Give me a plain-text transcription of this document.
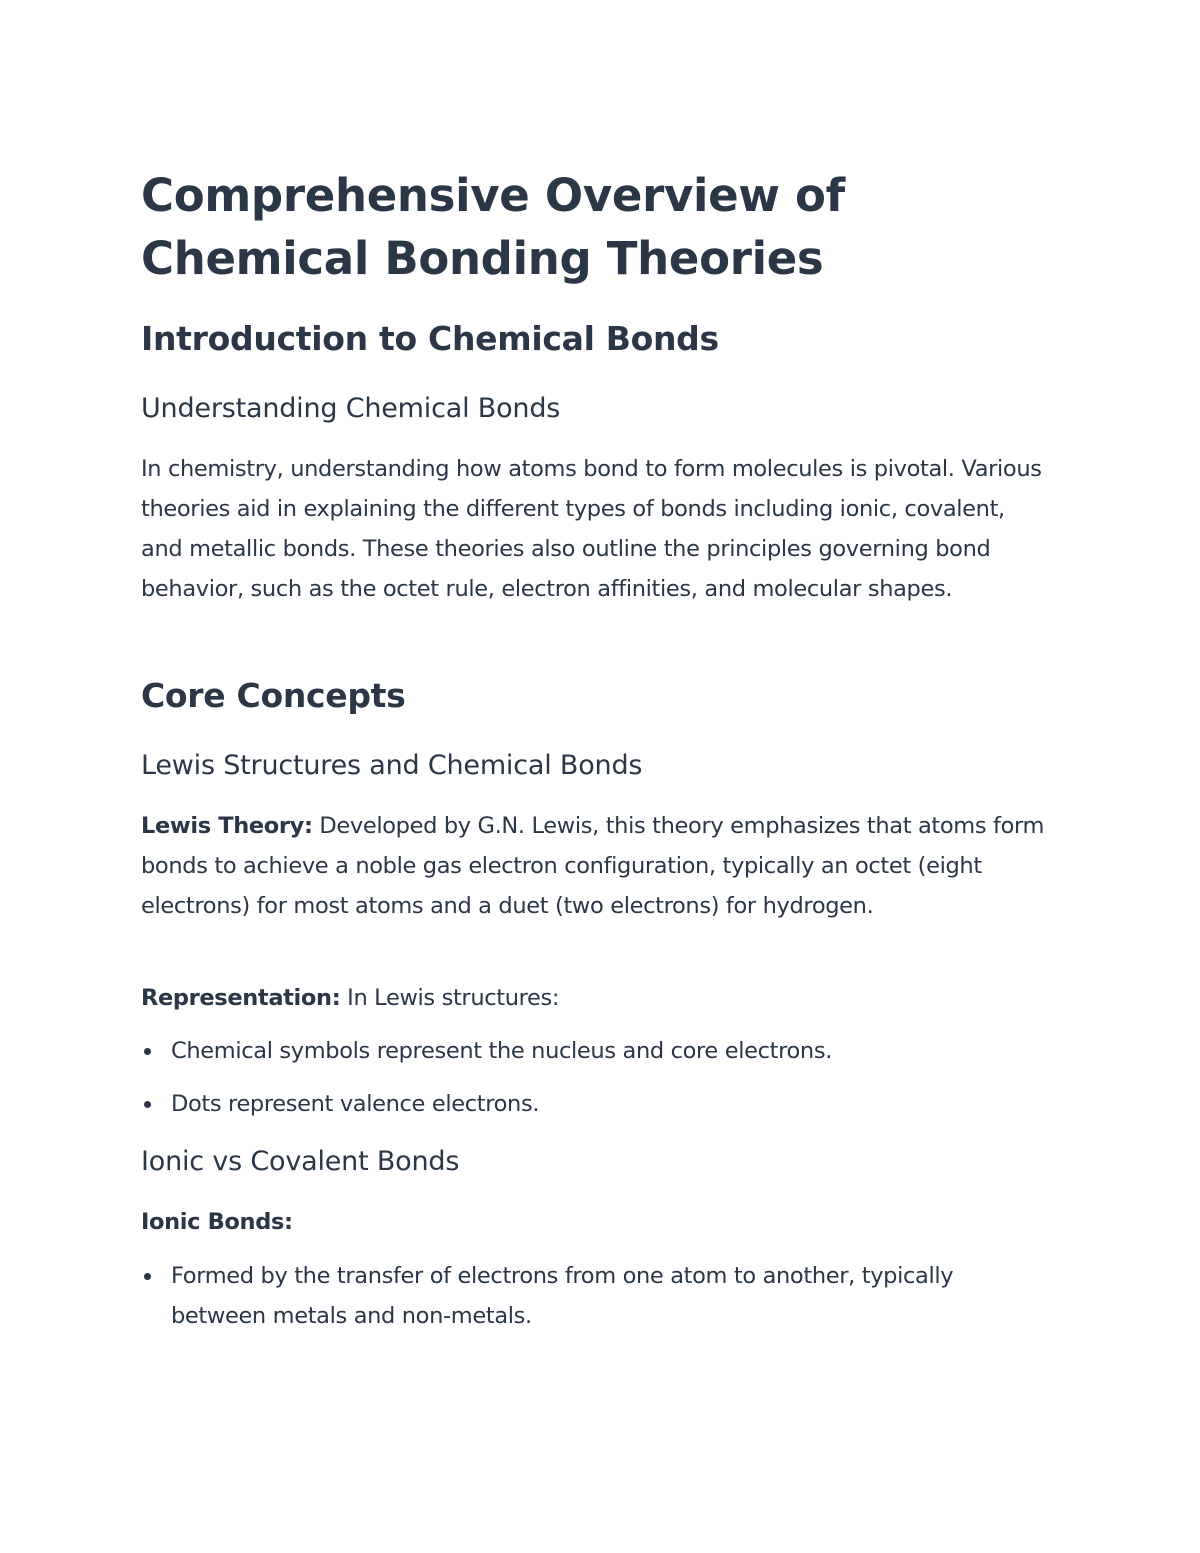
Comprehensive Overview of Chemical Bonding Theories
Introduction to Chemical Bonds
Understanding Chemical Bonds

In chemistry, understanding how atoms bond to form molecules is pivotal. Various theories aid in explaining the different types of bonds including ionic, covalent, and metallic bonds. These theories also outline the principles governing bond behavior, such as the octet rule, electron affinities, and molecular shapes.

Core Concepts
Lewis Structures and Chemical Bonds

Lewis Theory: Developed by G.N. Lewis, this theory emphasizes that atoms form bonds to achieve a noble gas electron configuration, typically an octet (eight electrons) for most atoms and a duet (two electrons) for hydrogen.

Representation: In Lewis structures:

Chemical symbols represent the nucleus and core electrons.
Dots represent valence electrons.
Ionic vs Covalent Bonds

Ionic Bonds:

Formed by the transfer of electrons from one atom to another, typically between metals and non-metals.
